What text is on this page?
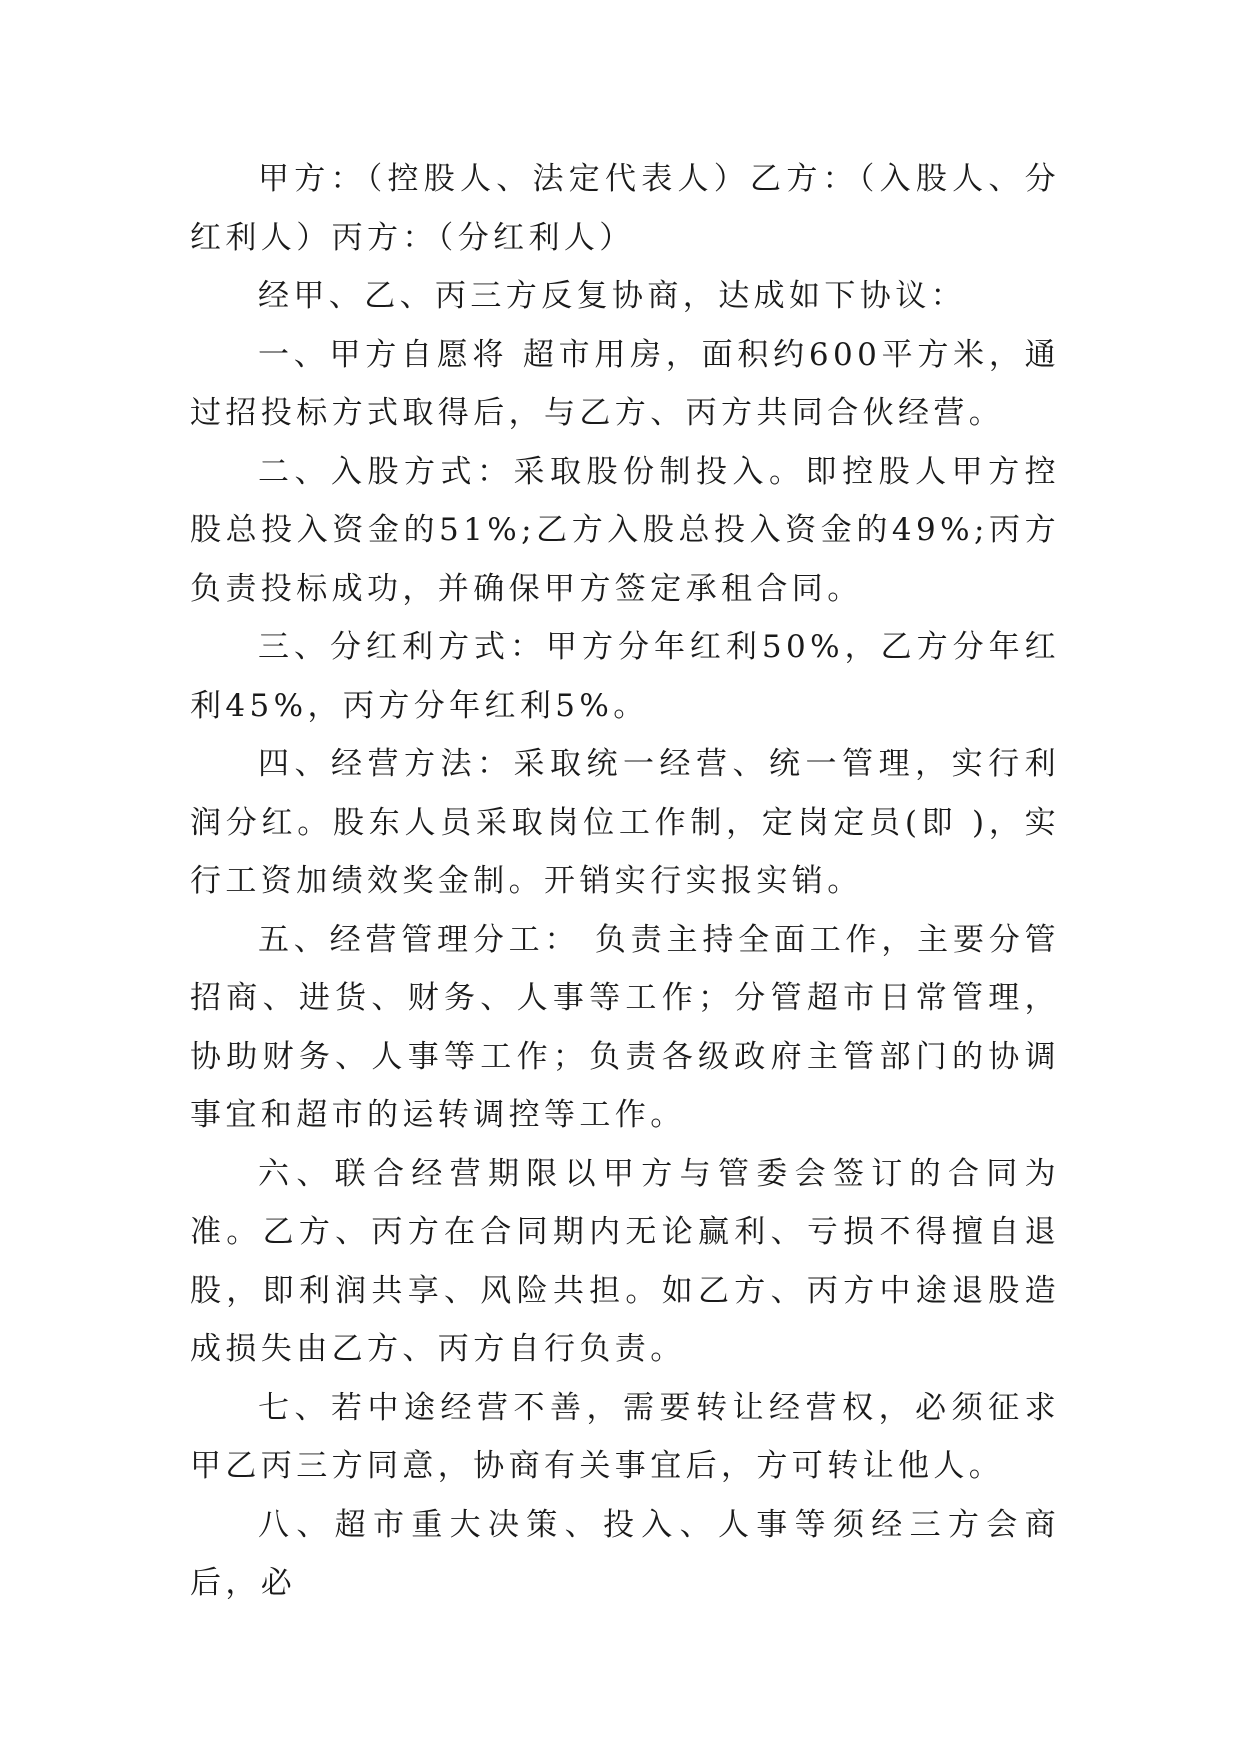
甲方：（控股人、法定代表人）乙方：（入股人、分红利人）丙方：（分红利人）

经甲、乙、丙三方反复协商，达成如下协议：

一、甲方自愿将 超市用房，面积约600平方米，通过招投标方式取得后，与乙方、丙方共同合伙经营。

二、入股方式：采取股份制投入。即控股人甲方控股总投入资金的51%;乙方入股总投入资金的49%;丙方负责投标成功，并确保甲方签定承租合同。

三、分红利方式：甲方分年红利50%，乙方分年红利45%，丙方分年红利5%。

四、经营方法：采取统一经营、统一管理，实行利润分红。股东人员采取岗位工作制，定岗定员(即 )，实行工资加绩效奖金制。开销实行实报实销。

五、经营管理分工： 负责主持全面工作，主要分管招商、进货、财务、人事等工作；分管超市日常管理，协助财务、人事等工作；负责各级政府主管部门的协调事宜和超市的运转调控等工作。

六、联合经营期限以甲方与管委会签订的合同为准。乙方、丙方在合同期内无论赢利、亏损不得擅自退股，即利润共享、风险共担。如乙方、丙方中途退股造成损失由乙方、丙方自行负责。

七、若中途经营不善，需要转让经营权，必须征求甲乙丙三方同意，协商有关事宜后，方可转让他人。

八、超市重大决策、投入、人事等须经三方会商后，必
